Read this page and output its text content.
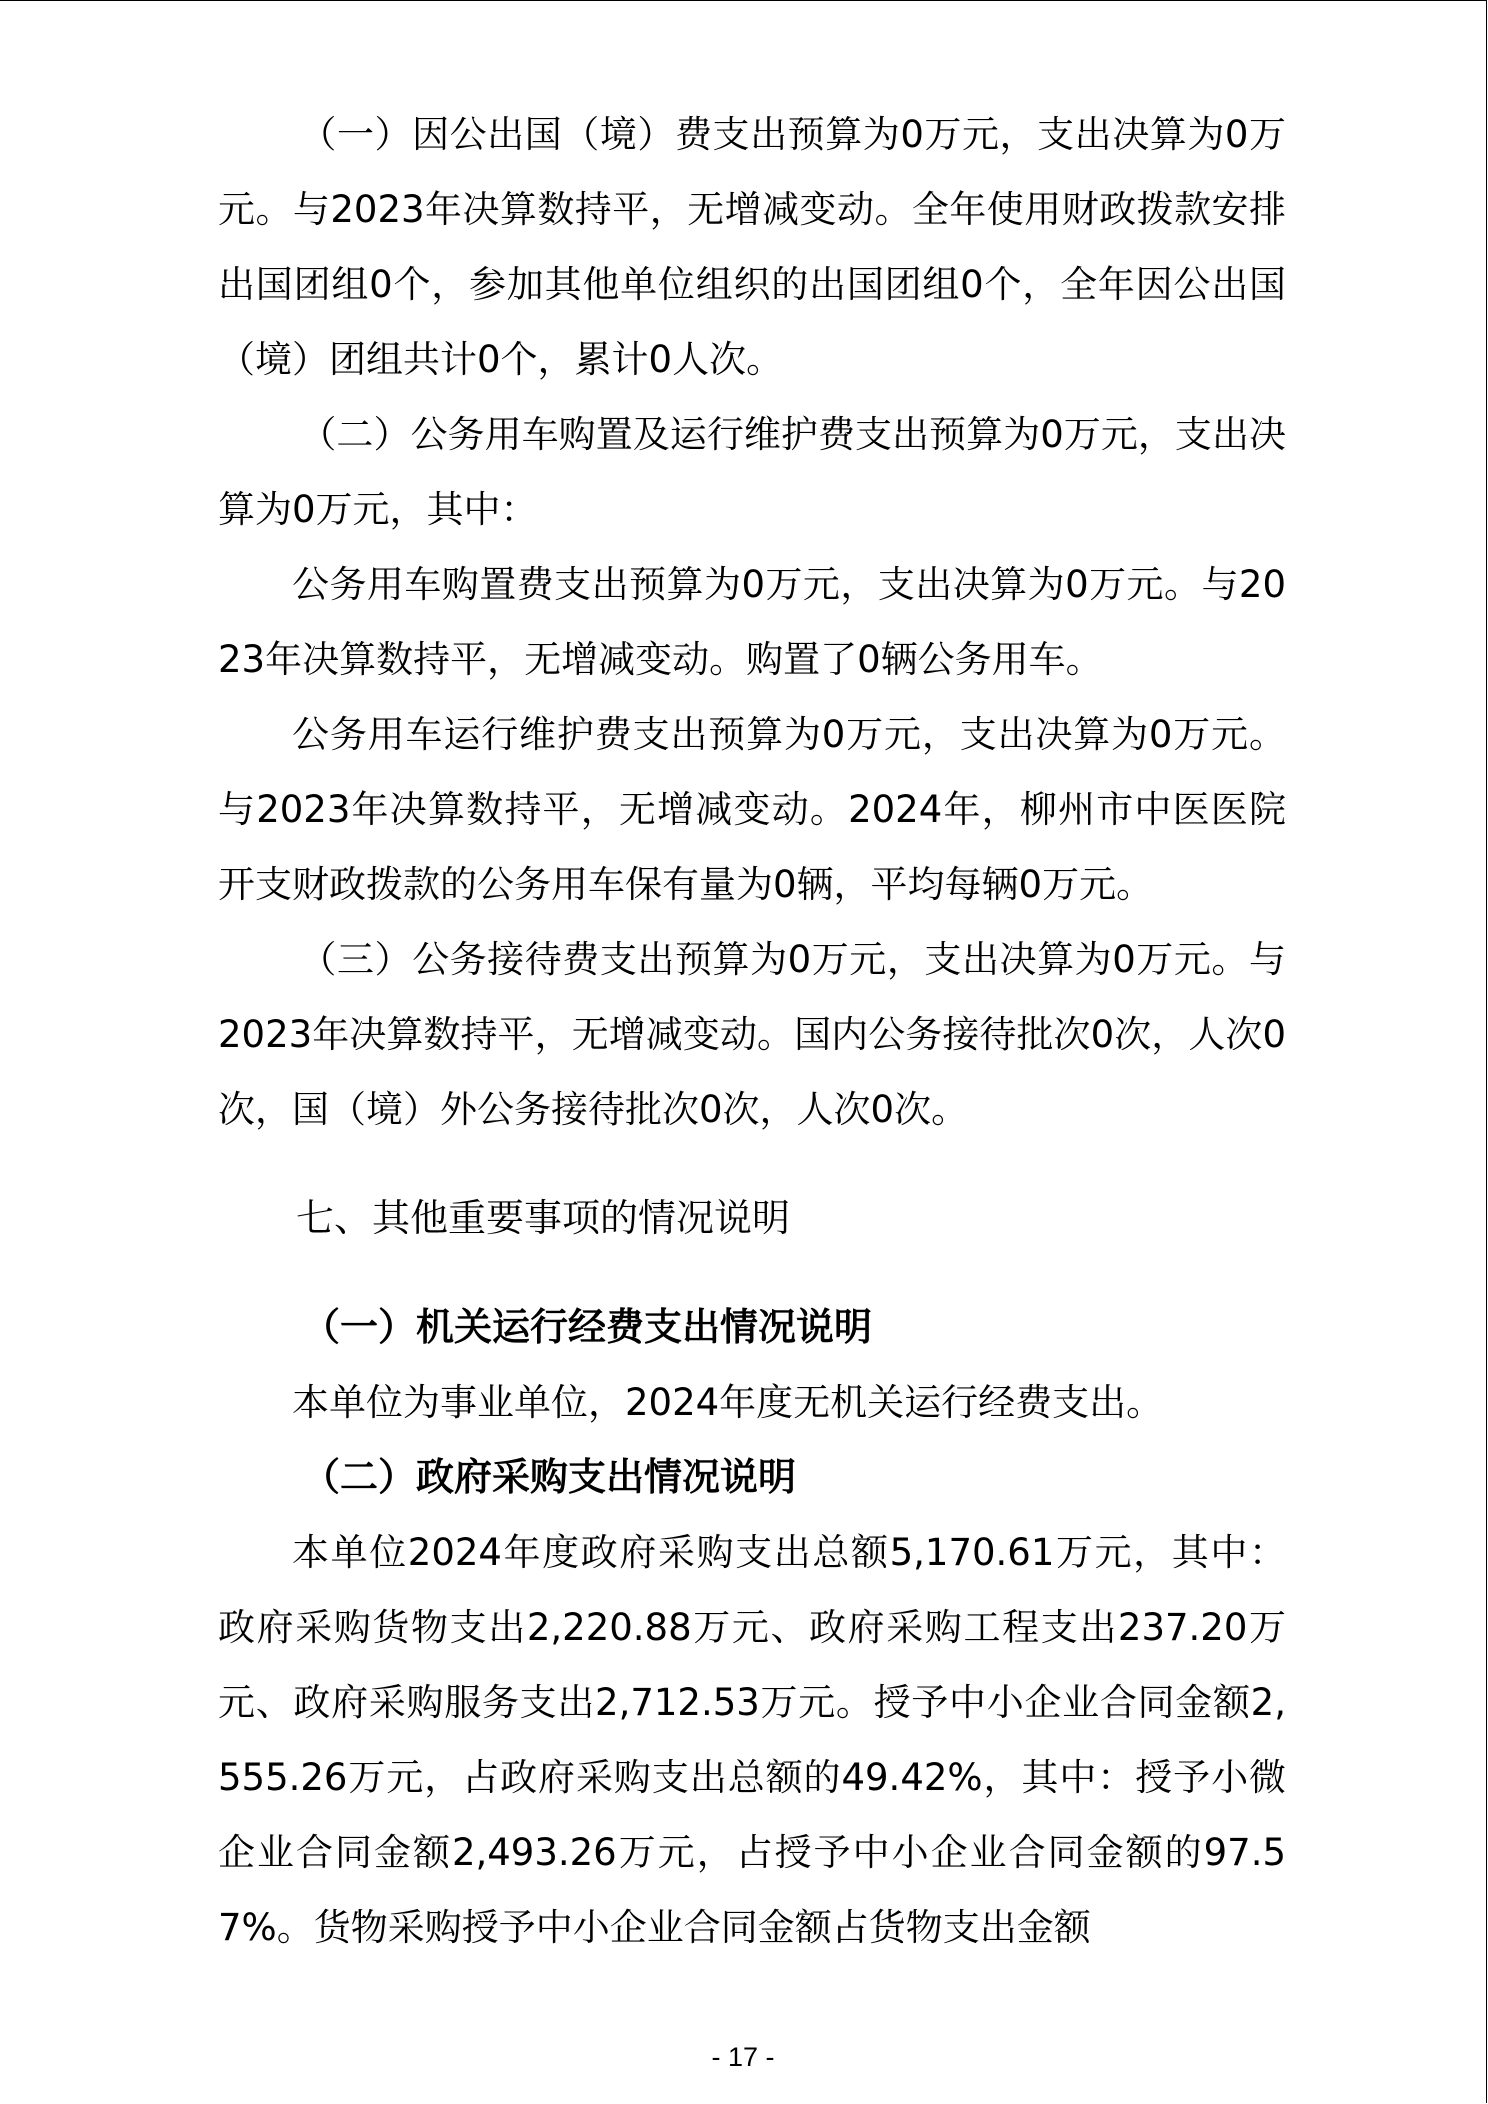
（一）因公出国（境）费支出预算为0万元，支出决算为0万元。与2023年决算数持平，无增减变动。全年使用财政拨款安排出国团组0个，参加其他单位组织的出国团组0个，全年因公出国（境）团组共计0个，累计0人次。

（二）公务用车购置及运行维护费支出预算为0万元，支出决算为0万元，其中：

公务用车购置费支出预算为0万元，支出决算为0万元。与2023年决算数持平，无增减变动。购置了0辆公务用车。

公务用车运行维护费支出预算为0万元，支出决算为0万元。与2023年决算数持平，无增减变动。2024年，柳州市中医医院开支财政拨款的公务用车保有量为0辆，平均每辆0万元。

（三）公务接待费支出预算为0万元，支出决算为0万元。与2023年决算数持平，无增减变动。国内公务接待批次0次，人次0次，国（境）外公务接待批次0次，人次0次。

七、其他重要事项的情况说明

（一）机关运行经费支出情况说明

本单位为事业单位，2024年度无机关运行经费支出。

（二）政府采购支出情况说明

本单位2024年度政府采购支出总额5,170.61万元，其中：政府采购货物支出2,220.88万元、政府采购工程支出237.20万元、政府采购服务支出2,712.53万元。授予中小企业合同金额2,555.26万元，占政府采购支出总额的49.42%，其中：授予小微企业合同金额2,493.26万元，占授予中小企业合同金额的97.57%。货物采购授予中小企业合同金额占货物支出金额

- 17 -
